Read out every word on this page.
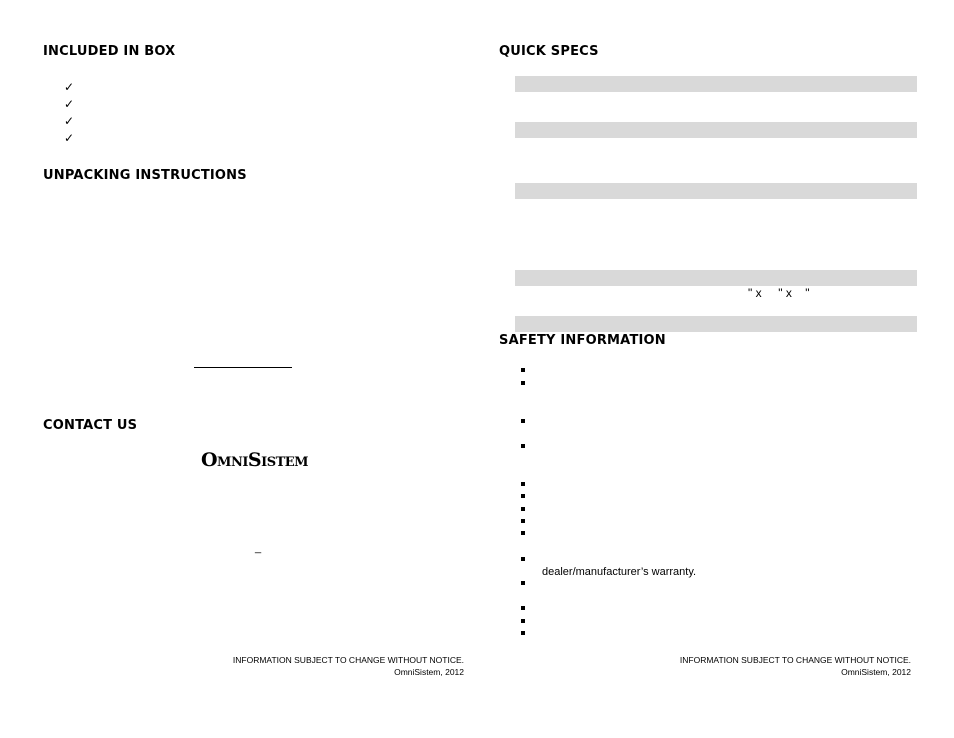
INCLUDED IN BOX
✓
✓
✓
✓
UNPACKING INSTRUCTIONS
CONTACT US
OmniSistem
_
INFORMATION SUBJECT TO CHANGE WITHOUT NOTICE.
OmniSistem, 2012
QUICK SPECS
" x     " x    "
SAFETY INFORMATION
dealer/manufacturer’s warranty.
INFORMATION SUBJECT TO CHANGE WITHOUT NOTICE.
OmniSistem, 2012
